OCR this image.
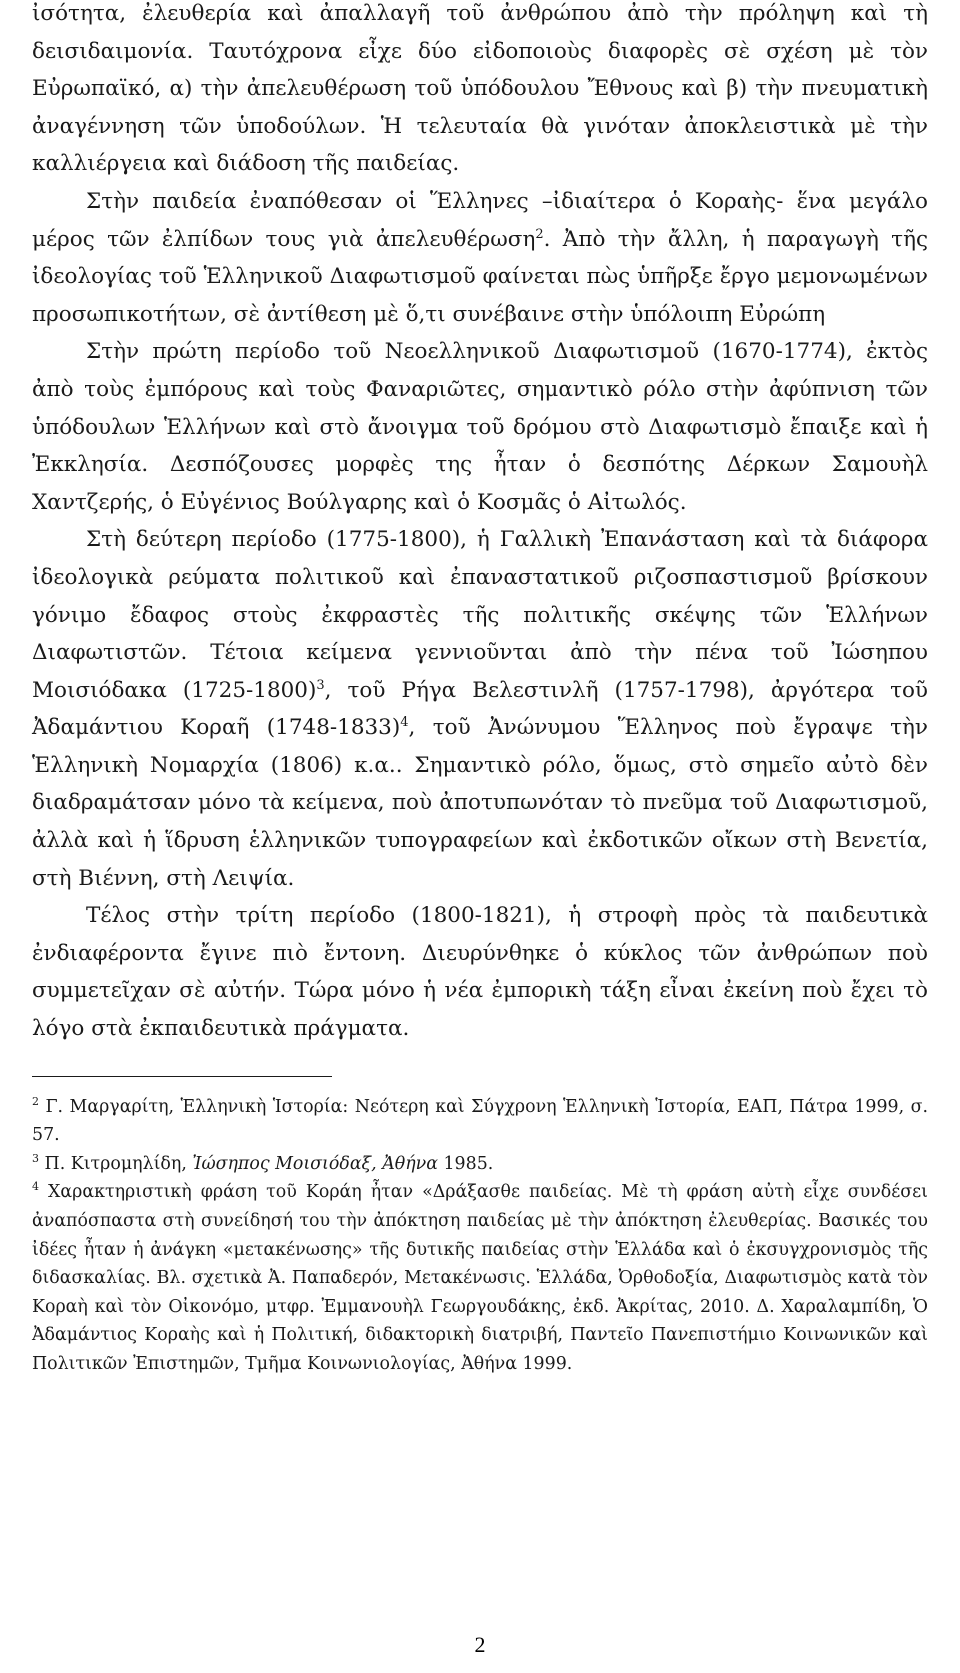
ἰσότητα, ἐλευθερία καὶ ἀπαλλαγῆ τοῦ ἀνθρώπου ἀπὸ τὴν πρόληψη καὶ τὴ δεισιδαιμονία. Ταυτόχρονα εἶχε δύο εἰδοποιοὺς διαφορὲς σὲ σχέση μὲ τὸν Εὐρωπαϊκό, α) τὴν ἀπελευθέρωση τοῦ ὑπόδουλου Ἔθνους καὶ β) τὴν πνευματικὴ ἀναγέννηση τῶν ὑποδούλων. Ἡ τελευταία θὰ γινόταν ἀποκλειστικὰ μὲ τὴν καλλιέργεια καὶ διάδοση τῆς παιδείας.

Στὴν παιδεία ἐναπόθεσαν οἱ Ἕλληνες –ἰδιαίτερα ὁ Κοραὴς- ἕνα μεγάλο μέρος τῶν ἐλπίδων τους γιὰ ἀπελευθέρωση$^2$. Ἀπὸ τὴν ἄλλη, ἡ παραγωγὴ τῆς ἰδεολογίας τοῦ Ἑλληνικοῦ Διαφωτισμοῦ φαίνεται πὼς ὑπῆρξε ἔργο μεμονωμένων προσωπικοτήτων, σὲ ἀντίθεση μὲ ὅ,τι συνέβαινε στὴν ὑπόλοιπη Εὐρώπη

Στὴν πρώτη περίοδο τοῦ Νεοελληνικοῦ Διαφωτισμοῦ (1670-1774), ἐκτὸς ἀπὸ τοὺς ἐμπόρους καὶ τοὺς Φαναριῶτες, σημαντικὸ ρόλο στὴν ἀφύπνιση τῶν ὑπόδουλων Ἑλλήνων καὶ στὸ ἄνοιγμα τοῦ δρόμου στὸ Διαφωτισμὸ ἔπαιξε καὶ ἡ Ἐκκλησία. Δεσπόζουσες μορφὲς της ἦταν ὁ δεσπότης Δέρκων Σαμουὴλ Χαντζερής, ὁ Εὐγένιος Βούλγαρης καὶ ὁ Κοσμᾶς ὁ Αἰτωλός.

Στὴ δεύτερη περίοδο (1775-1800), ἡ Γαλλικὴ Ἐπανάσταση καὶ τὰ διάφορα ἰδεολογικὰ ρεύματα πολιτικοῦ καὶ ἐπαναστατικοῦ ριζοσπαστισμοῦ βρίσκουν γόνιμο ἔδαφος στοὺς ἐκφραστὲς τῆς πολιτικῆς σκέψης τῶν Ἑλλήνων Διαφωτιστῶν. Τέτοια κείμενα γεννιοῦνται ἀπὸ τὴν πένα τοῦ Ἰώσηπου Μοισιόδακα (1725-1800)$^3$, τοῦ Ρήγα Βελεστινλῆ (1757-1798), ἀργότερα τοῦ Ἀδαμάντιου Κοραῆ (1748-1833)$^4$, τοῦ Ἀνώνυμου Ἕλληνος ποὺ ἔγραψε τὴν Ἑλληνικὴ Νομαρχία (1806) κ.α.. Σημαντικὸ ρόλο, ὅμως, στὸ σημεῖο αὐτὸ δὲν διαδραμάτσαν μόνο τὰ κείμενα, ποὺ ἀποτυπωνόταν τὸ πνεῦμα τοῦ Διαφωτισμοῦ, ἀλλὰ καὶ ἡ ἵδρυση ἑλληνικῶν τυπογραφείων καὶ ἐκδοτικῶν οἴκων στὴ Βενετία, στὴ Βιέννη, στὴ Λειψία.

Τέλος στὴν τρίτη περίοδο (1800-1821), ἡ στροφὴ πρὸς τὰ παιδευτικὰ ἐνδιαφέροντα ἔγινε πιὸ ἔντονη. Διευρύνθηκε ὁ κύκλος τῶν ἀνθρώπων ποὺ συμμετεῖχαν σὲ αὐτήν. Τώρα μόνο ἡ νέα ἐμπορικὴ τάξη εἶναι ἐκείνη ποὺ ἔχει τὸ λόγο στὰ ἐκπαιδευτικὰ πράγματα.

$^2$ Γ. Μαργαρίτη, Ἑλληνικὴ Ἱστορία: Νεότερη καὶ Σύγχρονη Ἑλληνικὴ Ἱστορία, ΕΑΠ, Πάτρα 1999, σ. 57.

$^3$ Π. Κιτρομηλίδη, Ἰώσηπος Μοισιόδαξ, Ἀθήνα 1985.

$^4$ Χαρακτηριστικὴ φράση τοῦ Κοράη ἦταν «Δράξασθε παιδείας. Μὲ τὴ φράση αὐτὴ εἶχε συνδέσει ἀναπόσπαστα στὴ συνείδησή του τὴν ἀπόκτηση παιδείας μὲ τὴν ἀπόκτηση ἐλευθερίας. Βασικές του ἰδέες ἦταν ἡ ἀνάγκη «μετακένωσης» τῆς δυτικῆς παιδείας στὴν Ἑλλάδα καὶ ὁ ἐκσυγχρονισμὸς τῆς διδασκαλίας. Βλ. σχετικὰ Ἀ. Παπαδερόν, Μετακένωσις. Ἑλλάδα, Ὀρθοδοξία, Διαφωτισμὸς κατὰ τὸν Κοραὴ καὶ τὸν Οἰκονόμο, μτφρ. Ἐμμανουὴλ Γεωργουδάκης, ἐκδ. Ἀκρίτας, 2010. Δ. Χαραλαμπίδη, Ὁ Ἀδαμάντιος Κοραὴς καὶ ἡ Πολιτική, διδακτορικὴ διατριβή, Παντεῖο Πανεπιστήμιο Κοινωνικῶν καὶ Πολιτικῶν Ἐπιστημῶν, Τμῆμα Κοινωνιολογίας, Ἀθήνα 1999.

2
